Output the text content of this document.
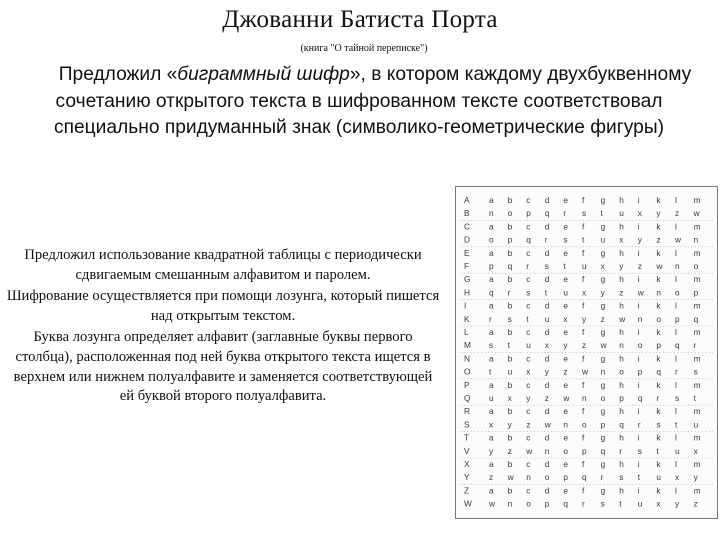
Джованни Батиста Порта
(книга "О тайной переписке")
Предложил «биграммный шифр», в котором каждому двухбуквенному сочетанию открытого текста в шифрованном тексте соответствовал специально придуманный знак (символико-геометрические фигуры)

Предложил использование квадратной таблицы с периодически сдвигаемым смешанным алфавитом и паролем.

Шифрование осуществляется при помощи лозунга, который пишется над открытым текстом.

Буква лозунга определяет алфавит (заглавные буквы первого столбца), расположенная под ней буква открытого текста ищется в верхнем или нижнем полуалфавите и заменяется соответствующей ей буквой второго полуалфавита.

A
B
C
D
E
F
G
H
I
K
L
M
N
O
P
Q
R
S
T
V
X
Y
Z
W
a b c d e f g h i k l m
n o p q r s t u x y z w
a b c d e f g h i k l m
o p q r s t u x y z w n
a b c d e f g h i k l m
p q r s t u x y z w n o
a b c d e f g h i k l m
q r s t u x y z w n o p
a b c d e f g h i k l m
r s t u x y z w n o p q
a b c d e f g h i k l m
s t u x y z w n o p q r
a b c d e f g h i k l m
t u x y z w n o p q r s
a b c d e f g h i k l m
u x y z w n o p q r s t
a b c d e f g h i k l m
x y z w n o p q r s t u
a b c d e f g h i k l m
y z w n o p q r s t u x
a b c d e f g h i k l m
z w n o p q r s t u x y
a b c d e f g h i k l m
w n o p q r s t u x y z
